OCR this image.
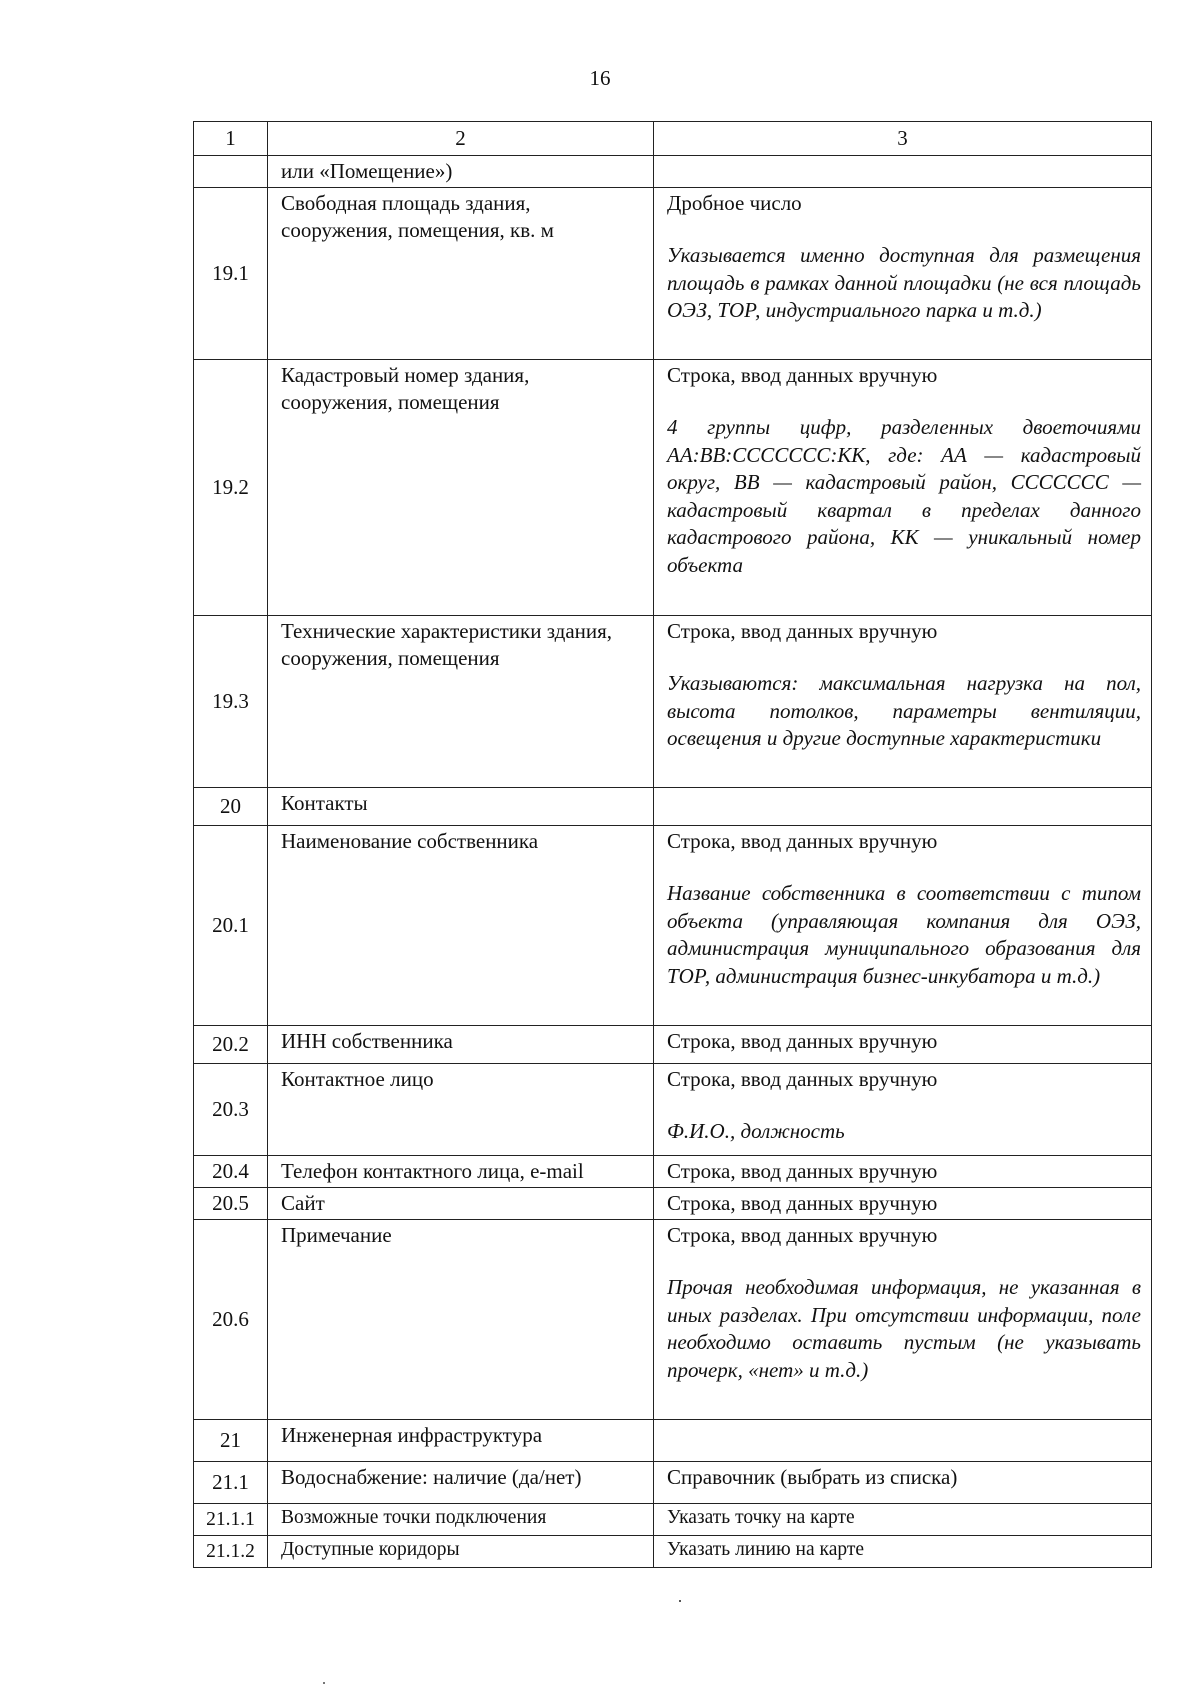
16
1	2	3
	или «Помещение»)	
19.1	Свободная площадь здания, сооружения, помещения, кв. м	Дробное число
Указывается именно доступная для размещения площадь в рамках данной площадки (не вся площадь ОЭЗ, ТОР, индустриального парка и т.д.)

19.2	Кадастровый номер здания, сооружения, помещения	Строка, ввод данных вручную
4 группы цифр, разделенных двоеточиями АА:ВВ:ССССССС:КК, где: АА — кадастровый округ, ВВ — кадастровый район, ССССССС — кадастровый квартал в пределах данного кадастрового района, КК — уникальный номер объекта

19.3	Технические характеристики здания, сооружения, помещения	Строка, ввод данных вручную
Указываются: максимальная нагрузка на пол, высота потолков, параметры вентиляции, освещения и другие доступные характеристики

20	Контакты	
20.1	Наименование собственника	Строка, ввод данных вручную
Название собственника в соответствии с типом объекта (управляющая компания для ОЭЗ, администрация муниципального образования для ТОР, администрация бизнес-инкубатора и т.д.)

20.2	ИНН собственника	Строка, ввод данных вручную
20.3	Контактное лицо	Строка, ввод данных вручную
Ф.И.О., должность

20.4	Телефон контактного лица, e-mail	Строка, ввод данных вручную
20.5	Сайт	Строка, ввод данных вручную
20.6	Примечание	Строка, ввод данных вручную
Прочая необходимая информация, не указанная в иных разделах. При отсутствии информации, поле необходимо оставить пустым (не указывать прочерк, «нет» и т.д.)

21	Инженерная инфраструктура	
21.1	Водоснабжение: наличие (да/нет)	Справочник (выбрать из списка)
21.1.1	Возможные точки подключения	Указать точку на карте
21.1.2	Доступные коридоры	Указать линию на карте
